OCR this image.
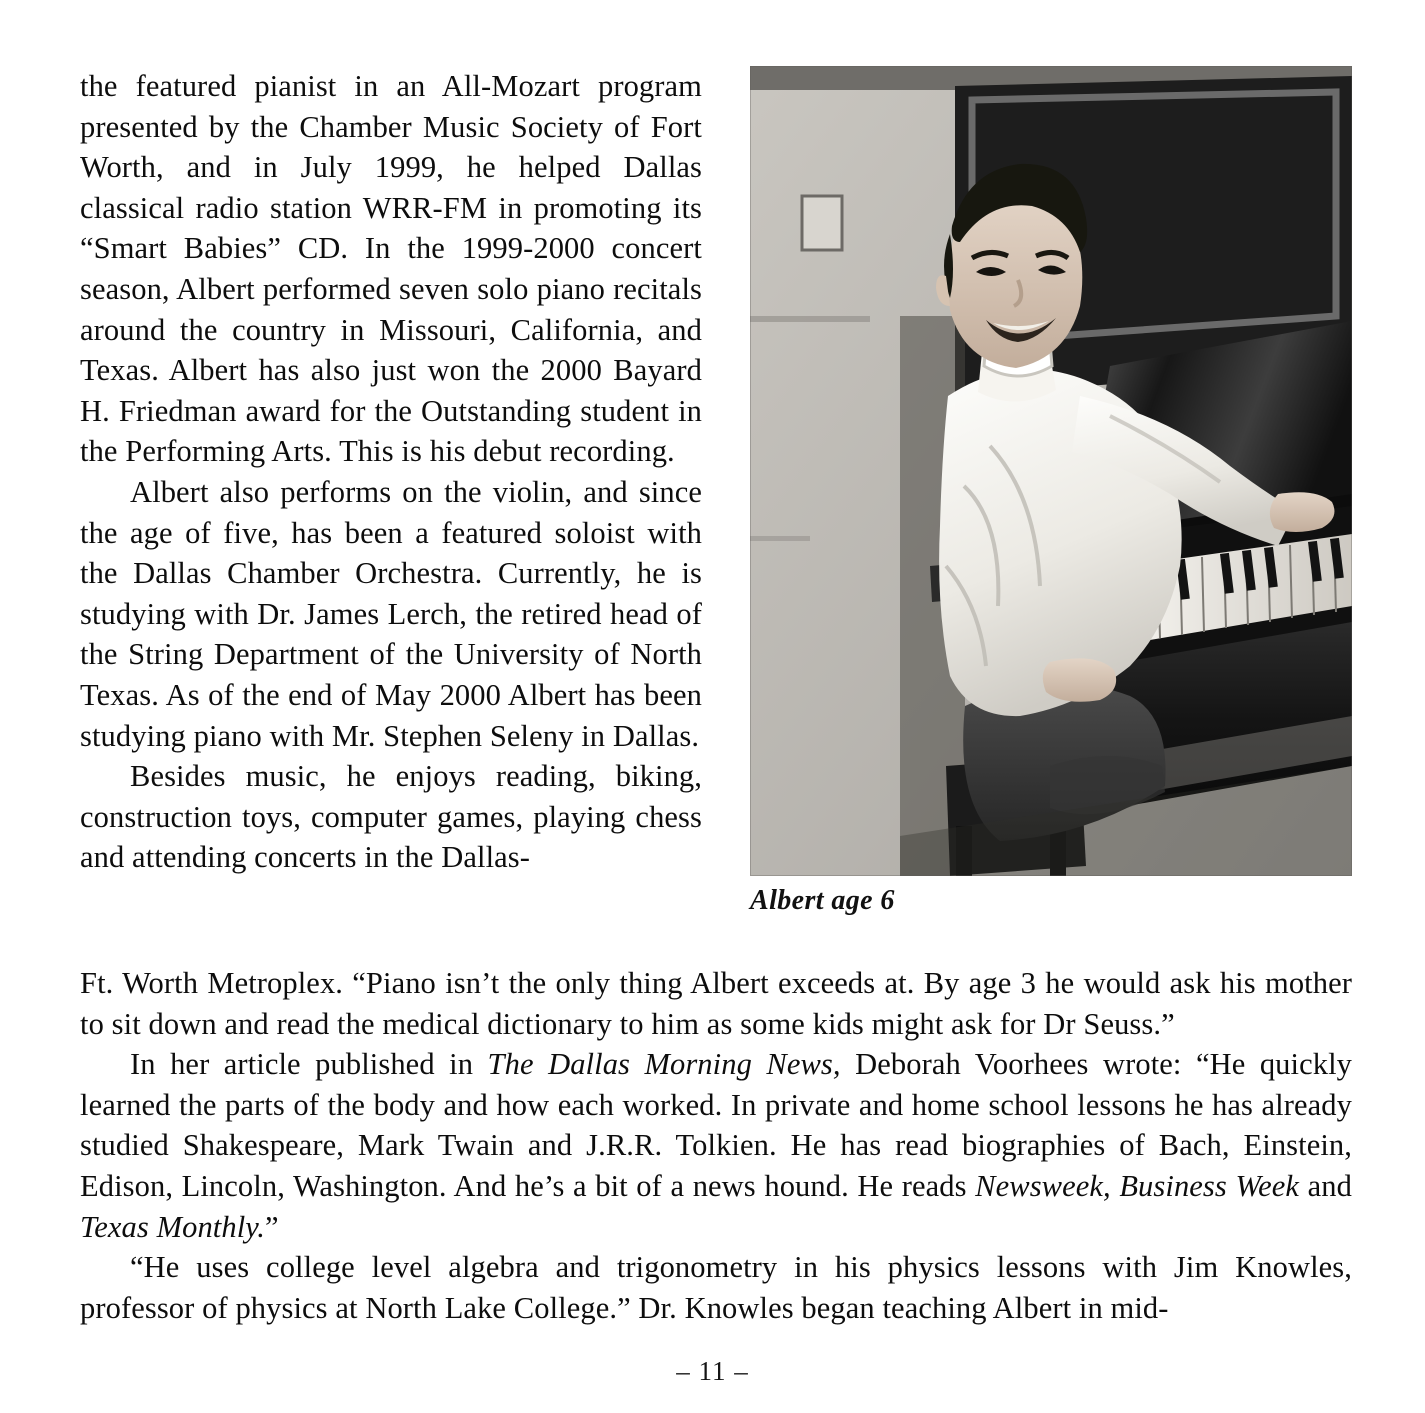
the featured pianist in an All-Mozart program presented by the Chamber Music Society of Fort Worth, and in July 1999, he helped Dallas classical radio station WRR-FM in promoting its “Smart Babies” CD. In the 1999-2000 concert season, Albert performed seven solo piano recitals around the country in Missouri, California, and Texas. Albert has also just won the 2000 Bayard H. Friedman award for the Outstanding student in the Performing Arts. This is his debut recording.

Albert also performs on the violin, and since the age of five, has been a featured soloist with the Dallas Chamber Orchestra. Currently, he is studying with Dr. James Lerch, the retired head of the String Department of the University of North Texas. As of the end of May 2000 Albert has been studying piano with Mr. Stephen Seleny in Dallas.

Besides music, he enjoys reading, biking, construction toys, computer games, playing chess and attending concerts in the Dallas-

Albert age 6

Ft. Worth Metroplex. “Piano isn’t the only thing Albert exceeds at. By age 3 he would ask his mother to sit down and read the medical dictionary to him as some kids might ask for Dr Seuss.”

In her article published in The Dallas Morning News, Deborah Voorhees wrote: “He quickly learned the parts of the body and how each worked. In private and home school lessons he has already studied Shakespeare, Mark Twain and J.R.R. Tolkien. He has read biographies of Bach, Einstein, Edison, Lincoln, Washington. And he’s a bit of a news hound. He reads Newsweek, Business Week and Texas Monthly.”

“He uses college level algebra and trigonometry in his physics lessons with Jim Knowles, professor of physics at North Lake College.” Dr. Knowles began teaching Albert in mid-

– 11 –
